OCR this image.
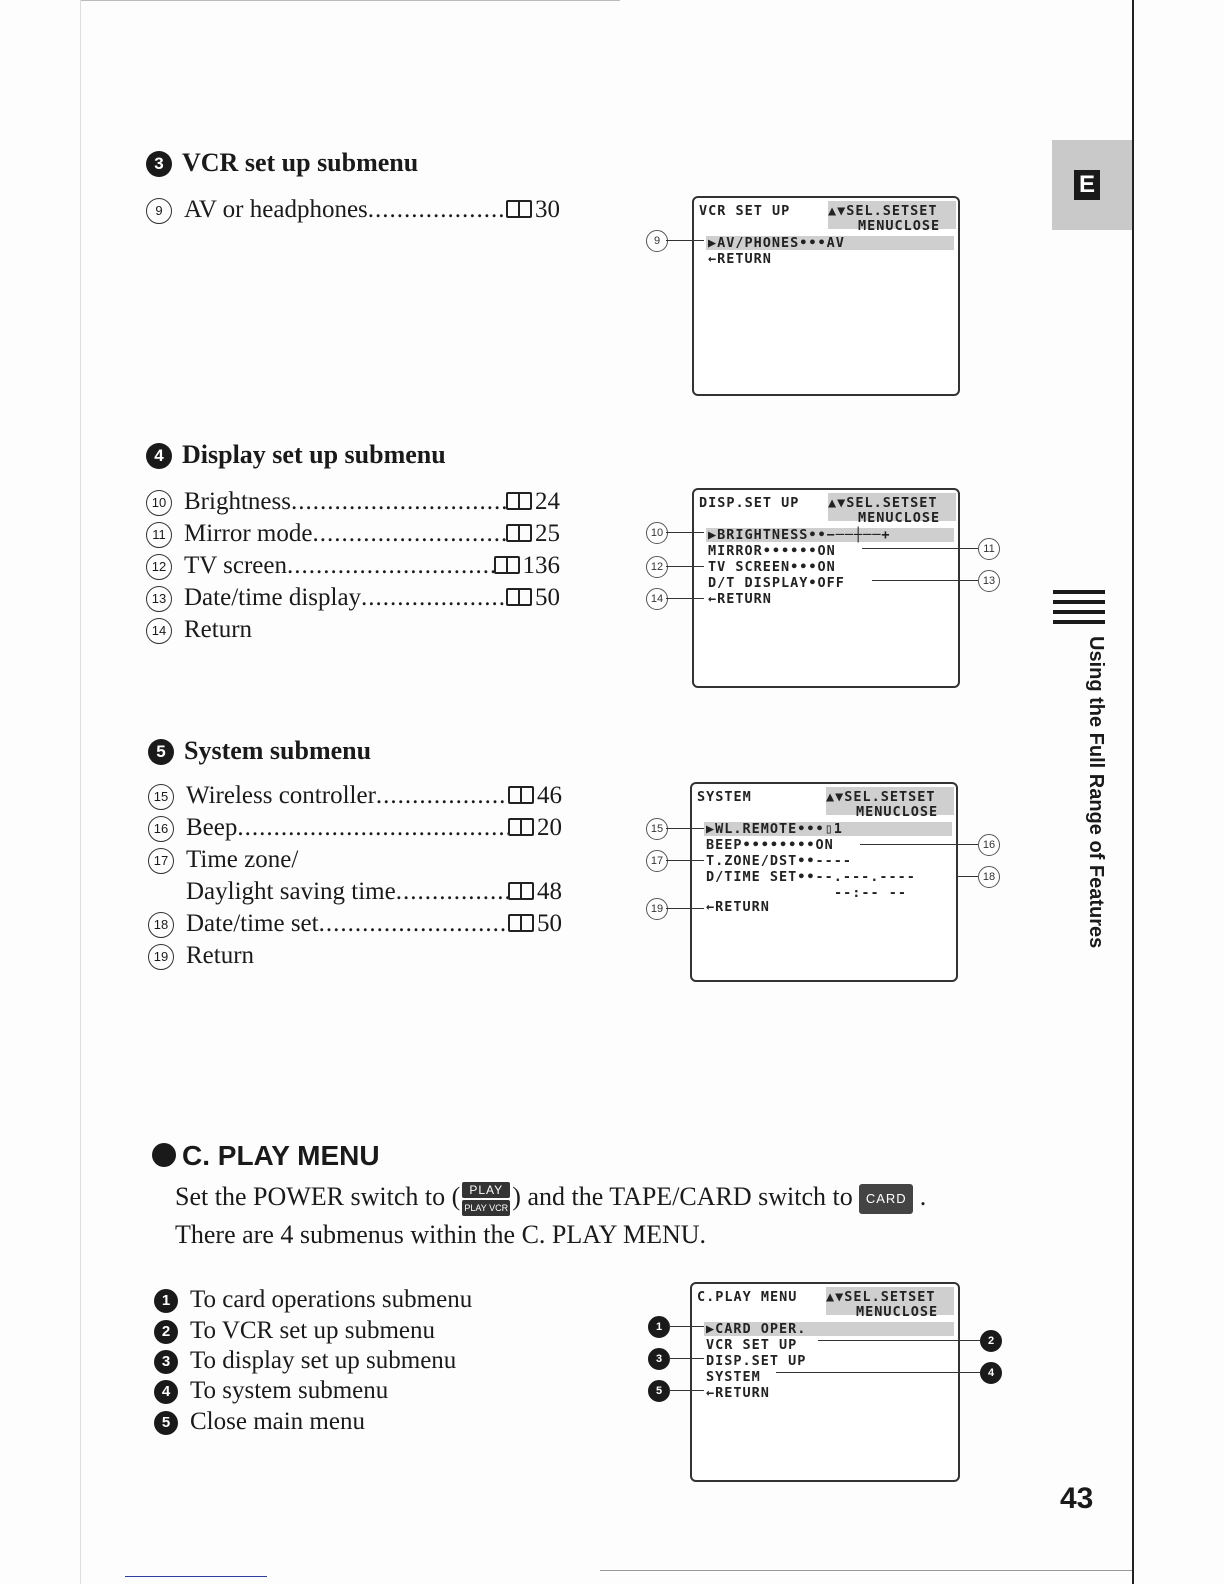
E
Using the Full Range of Features
3 VCR set up submenu
9 AV or headphones .....	30	VCR SET UP	▲▼SEL.SETSET
MENUCLOSE
▶AV/PHONES•••AV
←RETURN
9
4 Display set up submenu
10 Brightness .....	24
11 Mirror mode .....	25
12 TV screen .....	136
13 Date/time display .....	50
14 Return
DISP.SET UP ▲▼SEL.SETSET
MENUCLOSE
▶BRIGHTNESS••−──┼──+
MIRROR••••••ON
TV SCREEN•••ON
D/T DISPLAY•OFF
←RETURN
10
12
14
11
13
5 System submenu
15 Wireless controller .....	46
16 Beep .....	20
17 Time zone/
Daylight saving time .....	48
18 Date/time set .....	50
19 Return
SYSTEM	▲▼SEL.SETSET
MENUCLOSE
▶WL.REMOTE•••▯1
BEEP••••••••ON
T.ZONE/DST••----
D/TIME SET••--.---.----
--:-- --
←RETURN
15
17
19
16
18
C. PLAY MENU
Set the POWER switch to ( PLAY
PLAY VCR ) and the TAPE/CARD switch to CARD .
There are 4 submenus within the C. PLAY MENU.
1 To card operations submenu
2 To VCR set up submenu
3 To display set up submenu
4 To system submenu
5 Close main menu
C.PLAY MENU ▲▼SEL.SETSET
MENUCLOSE
▶CARD OPER.
VCR SET UP
DISP.SET UP
SYSTEM
←RETURN
1
3
5
2
4
43
